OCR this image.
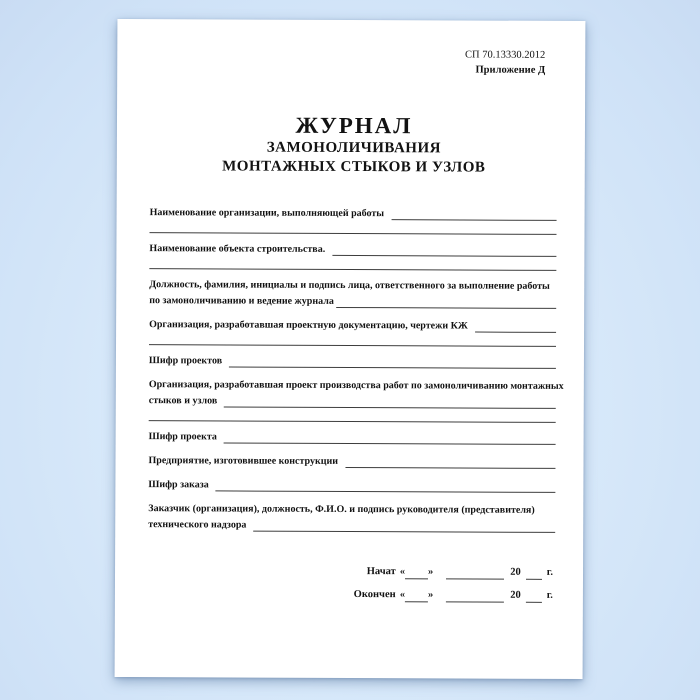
СП 70.13330.2012
Приложение Д
ЖУРНАЛ
ЗАМОНОЛИЧИВАНИЯ
МОНТАЖНЫХ СТЫКОВ И УЗЛОВ
Наименование организации, выполняющей работы
Наименование объекта строительства.
Должность, фамилия, инициалы и подпись лица, ответственного за выполнение работы
по замоноличиванию и ведение журнала
Организация, разработавшая проектную документацию, чертежи КЖ
Шифр проектов
Организация, разработавшая проект производства работ по замоноличиванию монтажных
стыков и узлов
Шифр проекта
Предприятие, изготовившее конструкции
Шифр заказа
Заказчик (организация), должность, Ф.И.О. и подпись руководителя (представителя)
технического надзора
Начат « »	20 г.
Окончен « »	20 г.
